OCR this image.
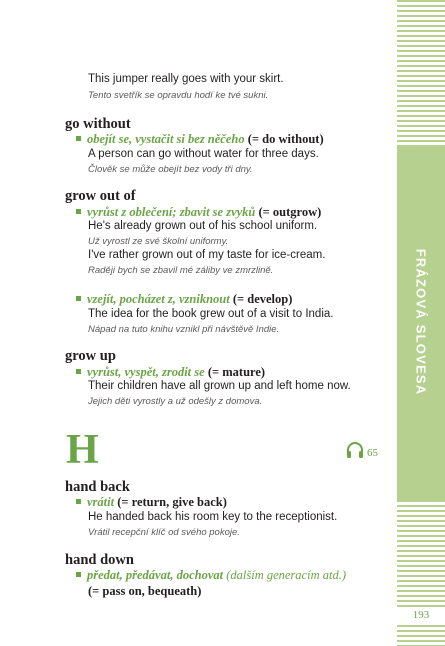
FRÁZOVÁ SLOVESA
193
This jumper really goes with your skirt.
Tento svetřík se opravdu hodí ke tvé sukni.
go without
obejít se, vystačit si bez něčeho (= do without)
A person can go without water for three days.
Člověk se může obejít bez vody tři dny.
grow out of
vyrůst z oblečení; zbavit se zvyků (= outgrow)
He's already grown out of his school uniform.
Už vyrostl ze své školní uniformy.
I've rather grown out of my taste for ice-cream.
Raději bych se zbavil mé záliby ve zmrzlině.
vzejít, pocházet z, vzniknout (= develop)
The idea for the book grew out of a visit to India.
Nápad na tuto knihu vznikl při návštěvě Indie.
grow up
vyrůst, vyspět, zrodit se (= mature)
Their children have all grown up and left home now.
Jejich děti vyrostly a už odešly z domova.
H	65
hand back
vrátit (= return, give back)
He handed back his room key to the receptionist.
Vrátil recepční klíč od svého pokoje.
hand down
předat, předávat, dochovat (dalším generacím atd.)
(= pass on, bequeath)
